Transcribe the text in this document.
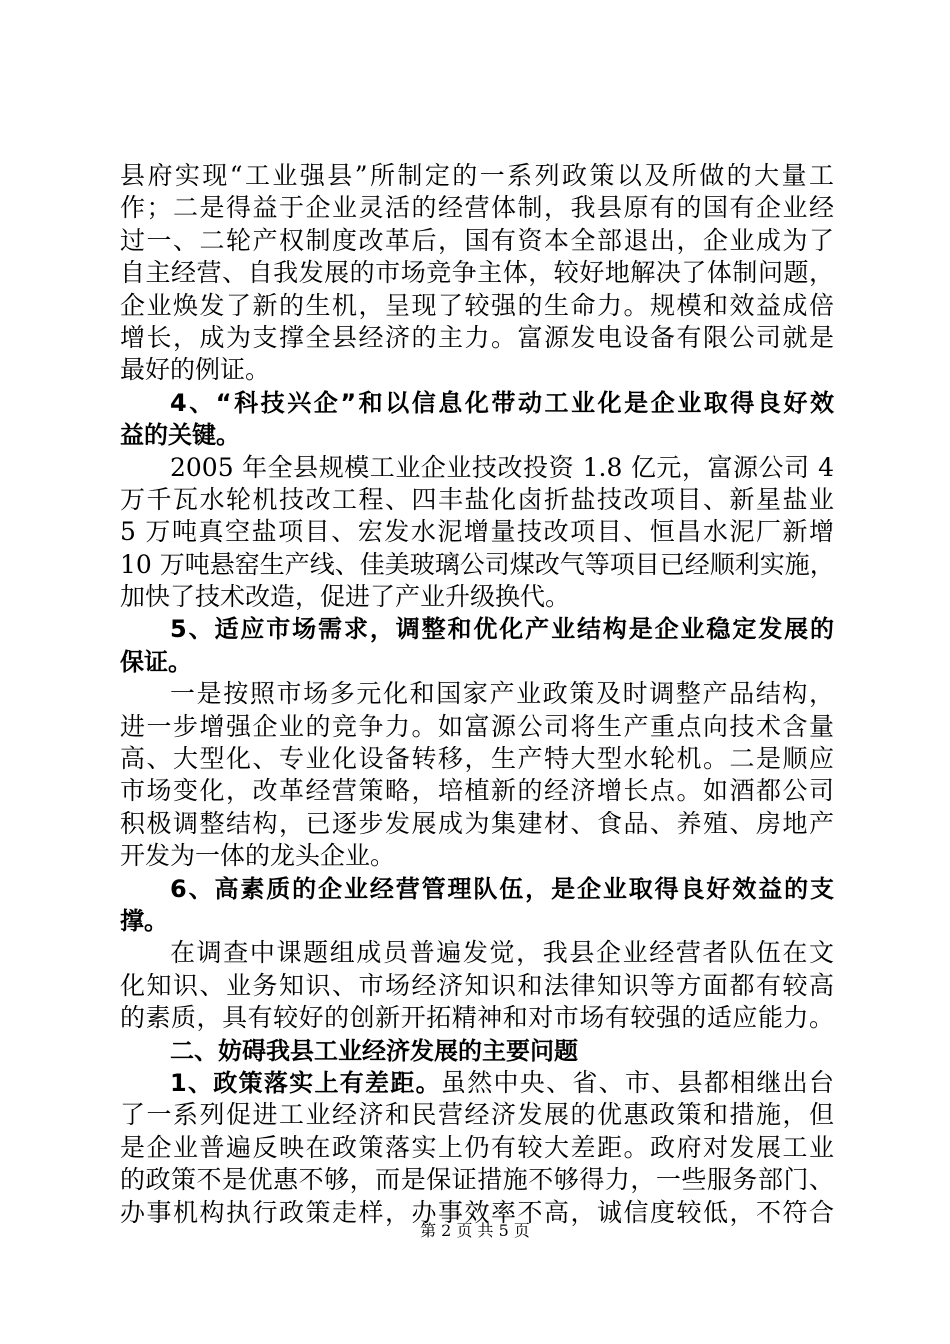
县府实现“工业强县”所制定的一系列政策以及所做的大量工
作；二是得益于企业灵活的经营体制，我县原有的国有企业经
过一、二轮产权制度改革后，国有资本全部退出，企业成为了
自主经营、自我发展的市场竞争主体，较好地解决了体制问题，
企业焕发了新的生机，呈现了较强的生命力。规模和效益成倍
增长，成为支撑全县经济的主力。富源发电设备有限公司就是
最好的例证。
4、“科技兴企”和以信息化带动工业化是企业取得良好效
益的关键。
2005 年全县规模工业企业技改投资 1.8 亿元，富源公司 4
万千瓦水轮机技改工程、四丰盐化卤折盐技改项目、新星盐业
5 万吨真空盐项目、宏发水泥增量技改项目、恒昌水泥厂新增
10 万吨悬窑生产线、佳美玻璃公司煤改气等项目已经顺利实施，
加快了技术改造，促进了产业升级换代。
5、适应市场需求，调整和优化产业结构是企业稳定发展的
保证。
一是按照市场多元化和国家产业政策及时调整产品结构，
进一步增强企业的竞争力。如富源公司将生产重点向技术含量
高、大型化、专业化设备转移，生产特大型水轮机。二是顺应
市场变化，改革经营策略，培植新的经济增长点。如酒都公司
积极调整结构，已逐步发展成为集建材、食品、养殖、房地产
开发为一体的龙头企业。
6、高素质的企业经营管理队伍，是企业取得良好效益的支
撑。
在调查中课题组成员普遍发觉，我县企业经营者队伍在文
化知识、业务知识、市场经济知识和法律知识等方面都有较高
的素质，具有较好的创新开拓精神和对市场有较强的适应能力。
二、妨碍我县工业经济发展的主要问题
1、政策落实上有差距。虽然中央、省、市、县都相继出台
了一系列促进工业经济和民营经济发展的优惠政策和措施，但
是企业普遍反映在政策落实上仍有较大差距。政府对发展工业
的政策不是优惠不够，而是保证措施不够得力，一些服务部门、
办事机构执行政策走样，办事效率不高，诚信度较低，不符合
第 2 页 共 5 页
